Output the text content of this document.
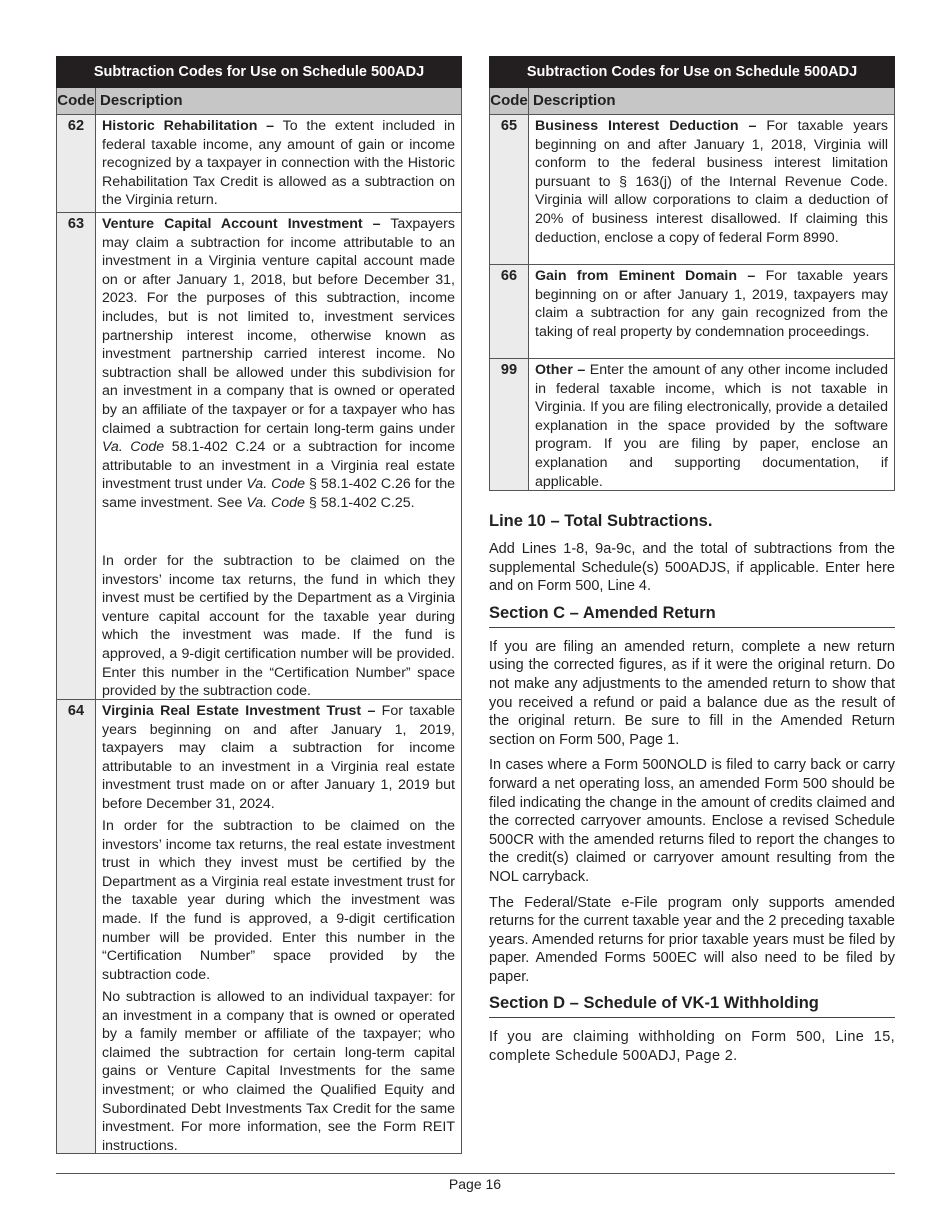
Subtraction Codes for Use on Schedule 500ADJ	
Code	Description
62	Historic Rehabilitation – To the extent included in federal taxable income, any amount of gain or income recognized by a taxpayer in connection with the Historic Rehabilitation Tax Credit is allowed as a subtraction on the Virginia return.

63	Venture Capital Account Investment – Taxpayers may claim a subtraction for income attributable to an investment in a Virginia venture capital account made on or after January 1, 2018, but before December 31, 2023. For the purposes of this subtraction, income includes, but is not limited to, investment services partnership interest income, otherwise known as investment partnership carried interest income. No subtraction shall be allowed under this subdivision for an investment in a company that is owned or operated by an affiliate of the taxpayer or for a taxpayer who has claimed a subtraction for certain long-term gains under Va. Code 58.1-402 C.24 or a subtraction for income attributable to an investment in a Virginia real estate investment trust under Va. Code § 58.1-402 C.26 for the same investment. See Va. Code § 58.1-402 C.25.

In order for the subtraction to be claimed on the investors’ income tax returns, the fund in which they invest must be certified by the Department as a Virginia venture capital account for the taxable year during which the investment was made. If the fund is approved, a 9-digit certification number will be provided. Enter this number in the “Certification Number” space provided by the subtraction code.

64	Virginia Real Estate Investment Trust – For taxable years beginning on and after January 1, 2019, taxpayers may claim a subtraction for income attributable to an investment in a Virginia real estate investment trust made on or after January 1, 2019 but before December 31, 2024.

In order for the subtraction to be claimed on the investors’ income tax returns, the real estate investment trust in which they invest must be certified by the Department as a Virginia real estate investment trust for the taxable year during which the investment was made. If the fund is approved, a 9-digit certification number will be provided. Enter this number in the “Certification Number” space provided by the subtraction code.

No subtraction is allowed to an individual taxpayer: for an investment in a company that is owned or operated by a family member or affiliate of the taxpayer; who claimed the subtraction for certain long-term capital gains or Venture Capital Investments for the same investment; or who claimed the Qualified Equity and Subordinated Debt Investments Tax Credit for the same investment. For more information, see the Form REIT instructions.

Subtraction Codes for Use on Schedule 500ADJ	
Code	Description
65	Business Interest Deduction – For taxable years beginning on and after January 1, 2018, Virginia will conform to the federal business interest limitation pursuant to § 163(j) of the Internal Revenue Code. Virginia will allow corporations to claim a deduction of 20% of business interest disallowed. If claiming this deduction, enclose a copy of federal Form 8990.

66	Gain from Eminent Domain – For taxable years beginning on or after January 1, 2019, taxpayers may claim a subtraction for any gain recognized from the taking of real property by condemnation proceedings.

99	Other – Enter the amount of any other income included in federal taxable income, which is not taxable in Virginia. If you are filing electronically, provide a detailed explanation in the space provided by the software program. If you are filing by paper, enclose an explanation and supporting documentation, if applicable.

Line 10 – Total Subtractions.

Add Lines 1-8, 9a-9c, and the total of subtractions from the supplemental Schedule(s) 500ADJS, if applicable. Enter here and on Form 500, Line 4.

Section C – Amended Return

If you are filing an amended return, complete a new return using the corrected figures, as if it were the original return. Do not make any adjustments to the amended return to show that you received a refund or paid a balance due as the result of the original return. Be sure to fill in the Amended Return section on Form 500, Page 1.

In cases where a Form 500NOLD is filed to carry back or carry forward a net operating loss, an amended Form 500 should be filed indicating the change in the amount of credits claimed and the corrected carryover amounts. Enclose a revised Schedule 500CR with the amended returns filed to report the changes to the credit(s) claimed or carryover amount resulting from the NOL carryback.

The Federal/State e-File program only supports amended returns for the current taxable year and the 2 preceding taxable years. Amended returns for prior taxable years must be filed by paper. Amended Forms 500EC will also need to be filed by paper.

Section D – Schedule of VK-1 Withholding

If you are claiming withholding on Form 500, Line 15, complete Schedule 500ADJ, Page 2.

Page 16
